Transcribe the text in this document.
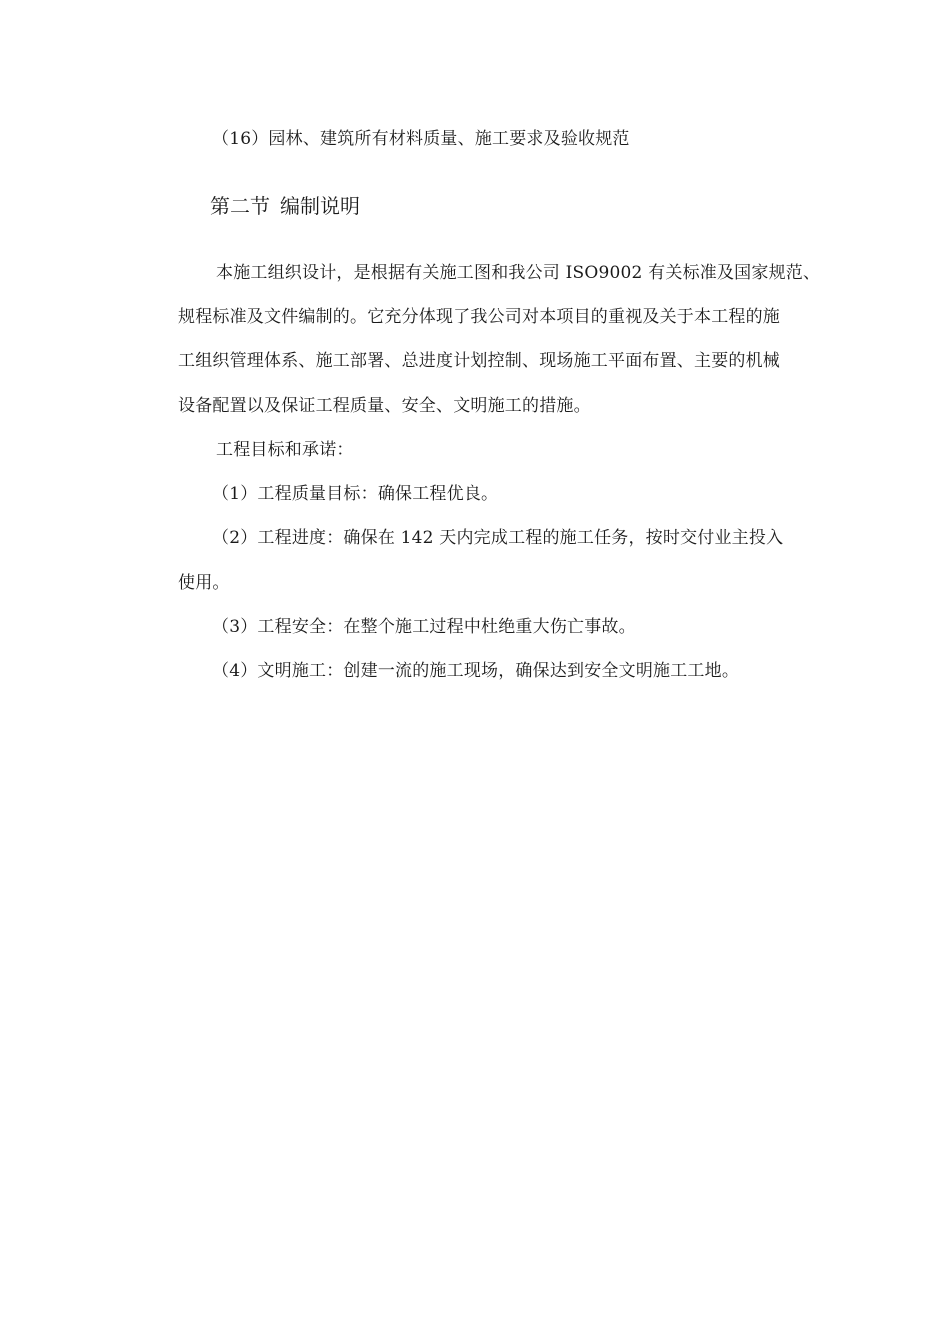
（16）园林、建筑所有材料质量、施工要求及验收规范
第二节 编制说明
本施工组织设计，是根据有关施工图和我公司 ISO9002 有关标准及国家规范、
规程标准及文件编制的。它充分体现了我公司对本项目的重视及关于本工程的施
工组织管理体系、施工部署、总进度计划控制、现场施工平面布置、主要的机械
设备配置以及保证工程质量、安全、文明施工的措施。
工程目标和承诺：
（1）工程质量目标：确保工程优良。
（2）工程进度：确保在 142 天内完成工程的施工任务，按时交付业主投入
使用。
（3）工程安全：在整个施工过程中杜绝重大伤亡事故。
（4）文明施工：创建一流的施工现场，确保达到安全文明施工工地。
